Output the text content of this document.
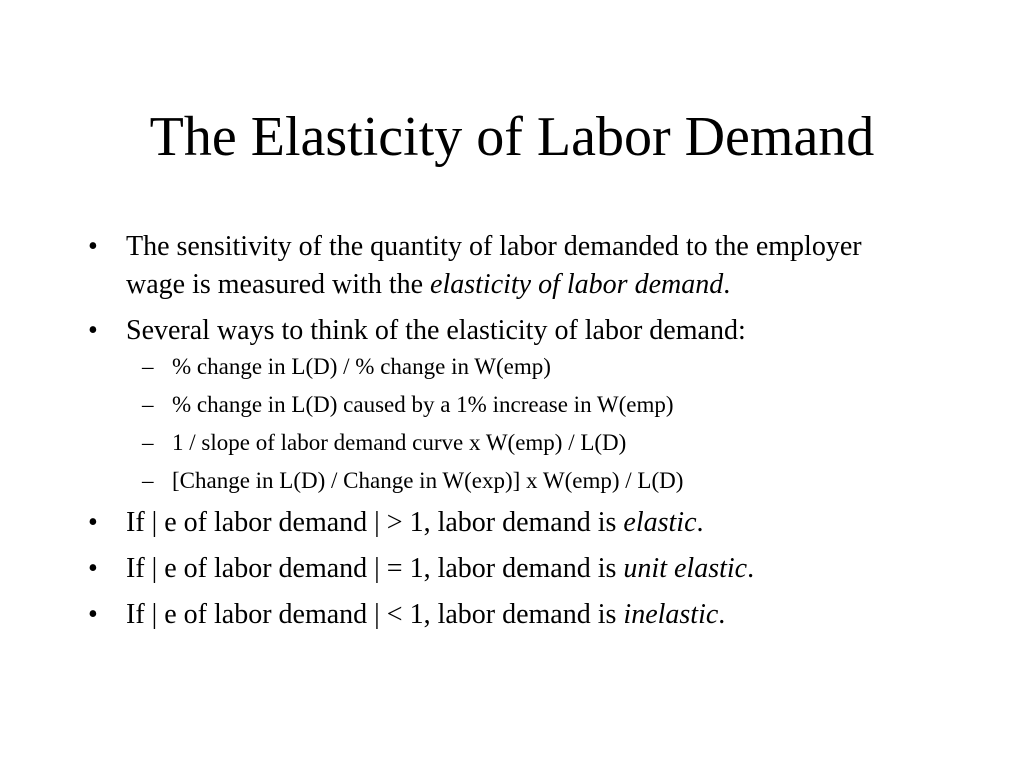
The Elasticity of Labor Demand
• The sensitivity of the quantity of labor demanded to the employer wage is measured with the elasticity of labor demand.
• Several ways to think of the elasticity of labor demand:
– % change in L(D) / % change in W(emp)
– % change in L(D) caused by a 1% increase in W(emp)
– 1 / slope of labor demand curve x W(emp) / L(D)
– [Change in L(D) / Change in W(exp)] x W(emp) / L(D)
• If | e of labor demand | > 1, labor demand is elastic.
• If | e of labor demand | = 1, labor demand is unit elastic.
• If | e of labor demand | < 1, labor demand is inelastic.
